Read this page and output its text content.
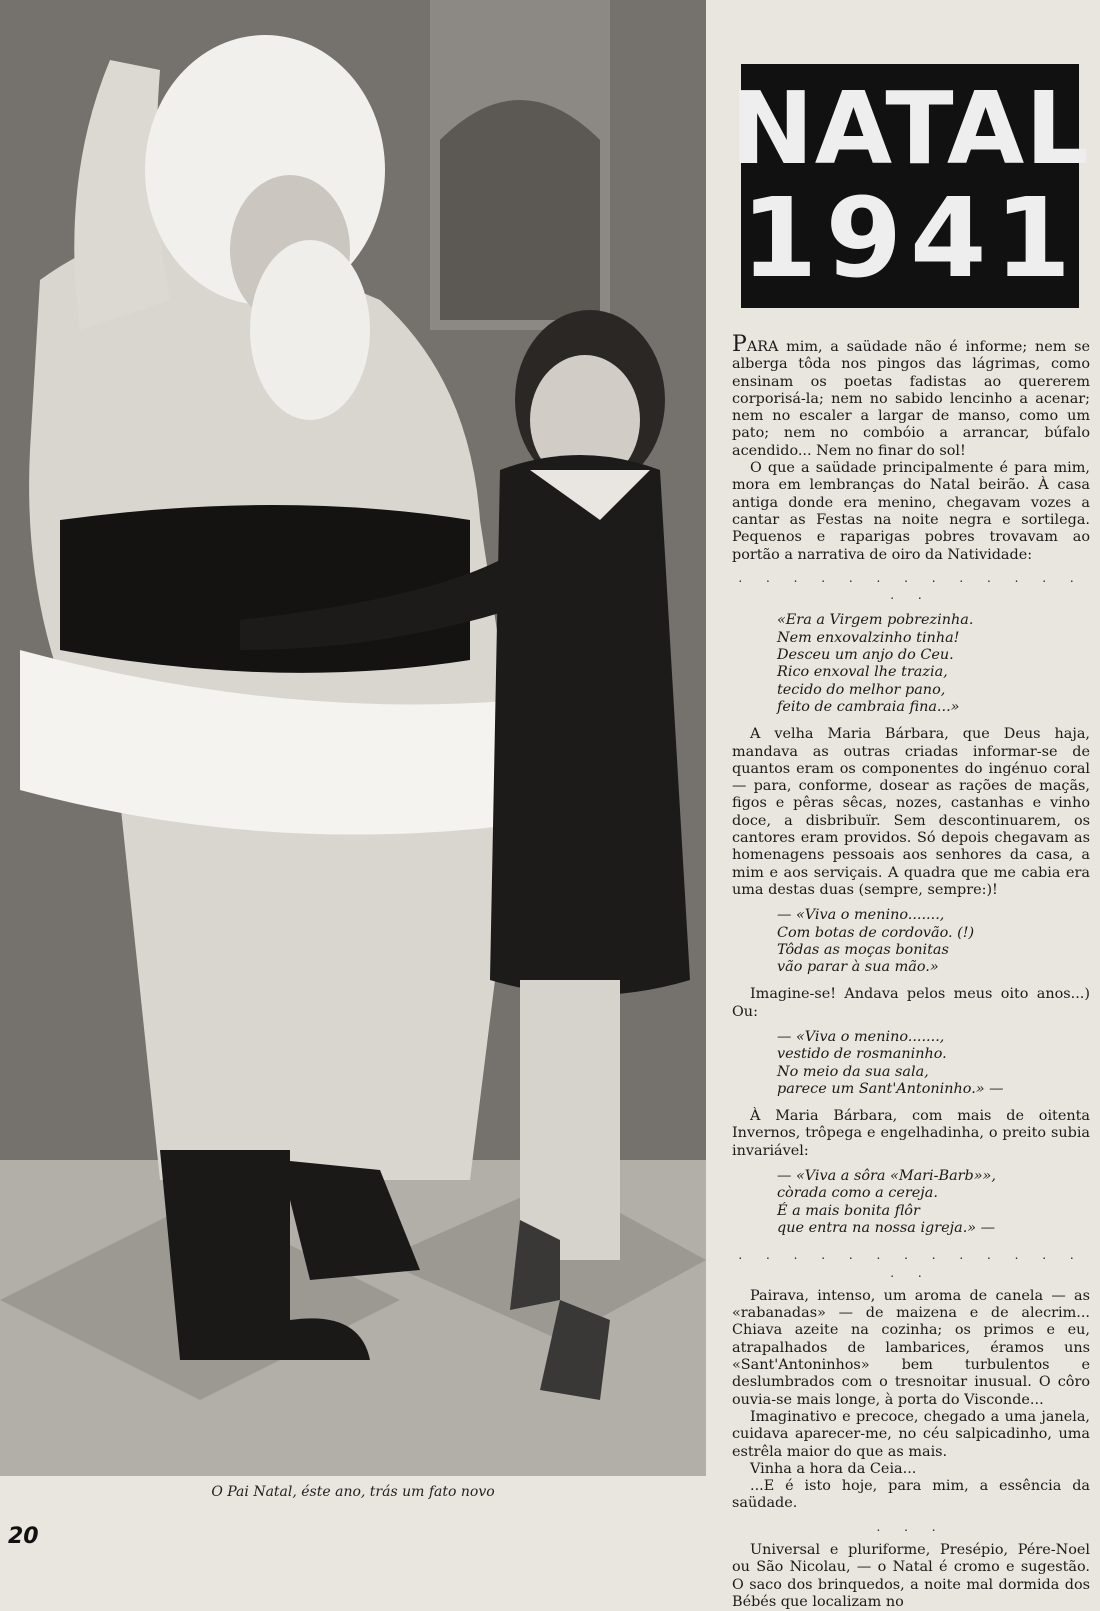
O Pai Natal, éste ano, trás um fato novo
20
NATAL
1941

PARA mim, a saüdade não é informe; nem se alberga tôda nos pingos das lágrimas, como ensinam os poetas fadistas ao quererem corporisá-la; nem no sabido lencinho a acenar; nem no escaler a largar de manso, como um pato; nem no combóio a arrancar, búfalo acendido... Nem no finar do sol!

O que a saüdade principalmente é para mim, mora em lembranças do Natal beirão. À casa antiga donde era menino, chegavam vozes a cantar as Festas na noite negra e sortilega. Pequenos e raparigas pobres trovavam ao portão a narrativa de oiro da Natividade:

. . . . . . . . . . . . . . .

«Era a Virgem pobrezinha.

Nem enxovalzinho tinha!

Desceu um anjo do Ceu.

Rico enxoval lhe trazia,

tecido do melhor pano,

feito de cambraia fina...»

A velha Maria Bárbara, que Deus haja, mandava as outras criadas informar-se de quantos eram os componentes do ingénuo coral — para, conforme, dosear as rações de maçãs, figos e pêras sêcas, nozes, castanhas e vinho doce, a disbribuïr. Sem descontinuarem, os cantores eram providos. Só depois chegavam as homenagens pessoais aos senhores da casa, a mim e aos serviçais. A quadra que me cabia era uma destas duas (sempre, sempre:)!

— «Viva o menino.......,

Com botas de cordovão. (!)

Tôdas as moças bonitas

vão parar à sua mão.»

Imagine-se! Andava pelos meus oito anos...) Ou:

— «Viva o menino.......,

vestido de rosmaninho.

No meio da sua sala,

parece um Sant'Antoninho.» —

À Maria Bárbara, com mais de oitenta Invernos, trôpega e engelhadinha, o preito subia invariável:

— «Viva a sôra «Mari-Barb»»,

còrada como a cereja.

É a mais bonita flôr

que entra na nossa igreja.» —

. . . . . . . . . . . . . . .

Pairava, intenso, um aroma de canela — as «rabanadas» — de maizena e de alecrim... Chiava azeite na cozinha; os primos e eu, atrapalhados de lambarices, éramos uns «Sant'Antoninhos» bem turbulentos e deslumbrados com o tresnoitar inusual. O côro ouvia-se mais longe, à porta do Visconde...

Imaginativo e precoce, chegado a uma janela, cuidava aparecer-me, no céu salpicadinho, uma estrêla maior do que as mais.

Vinha a hora da Ceia...

...E é isto hoje, para mim, a essência da saüdade.

. . .

Universal e pluriforme, Presépio, Pére-Noel ou São Nicolau, — o Natal é cromo e sugestão. O saco dos brinquedos, a noite mal dormida dos Bébés que localizam no
